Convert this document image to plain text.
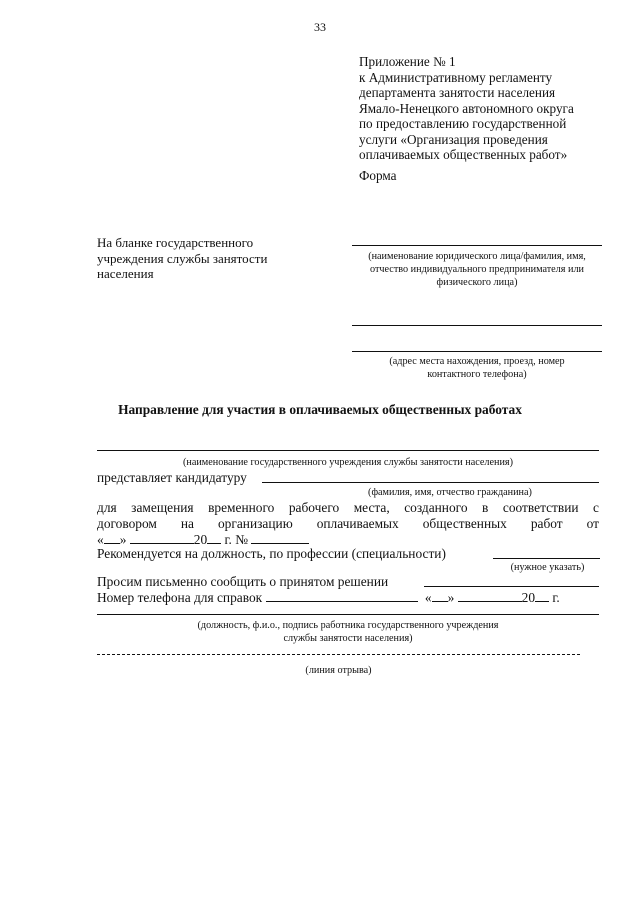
33
Приложение № 1
к Административному регламенту
департамента занятости населения
Ямало-Ненецкого автономного округа
по предоставлению государственной
услуги «Организация проведения
оплачиваемых общественных работ»
Форма
На бланке государственного
учреждения службы занятости
населения
(наименование юридического лица/фамилия, имя,
отчество индивидуального предпринимателя или
физического лица)
(адрес места нахождения, проезд, номер
контактного телефона)
Направление для участия в оплачиваемых общественных работах
(наименование государственного учреждения службы занятости населения)
представляет кандидатуру
(фамилия, имя, отчество гражданина)
для замещения временного рабочего места, созданного в соответствии с
договором на организацию оплачиваемых общественных работ от
« »	20 г. №
Рекомендуется на должность, по профессии (специальности)
(нужное указать)
Просим письменно сообщить о принятом решении
Номер телефона для справок	« »	20 г.
(должность, ф.и.о., подпись работника государственного учреждения
службы занятости населения)
(линия отрыва)
